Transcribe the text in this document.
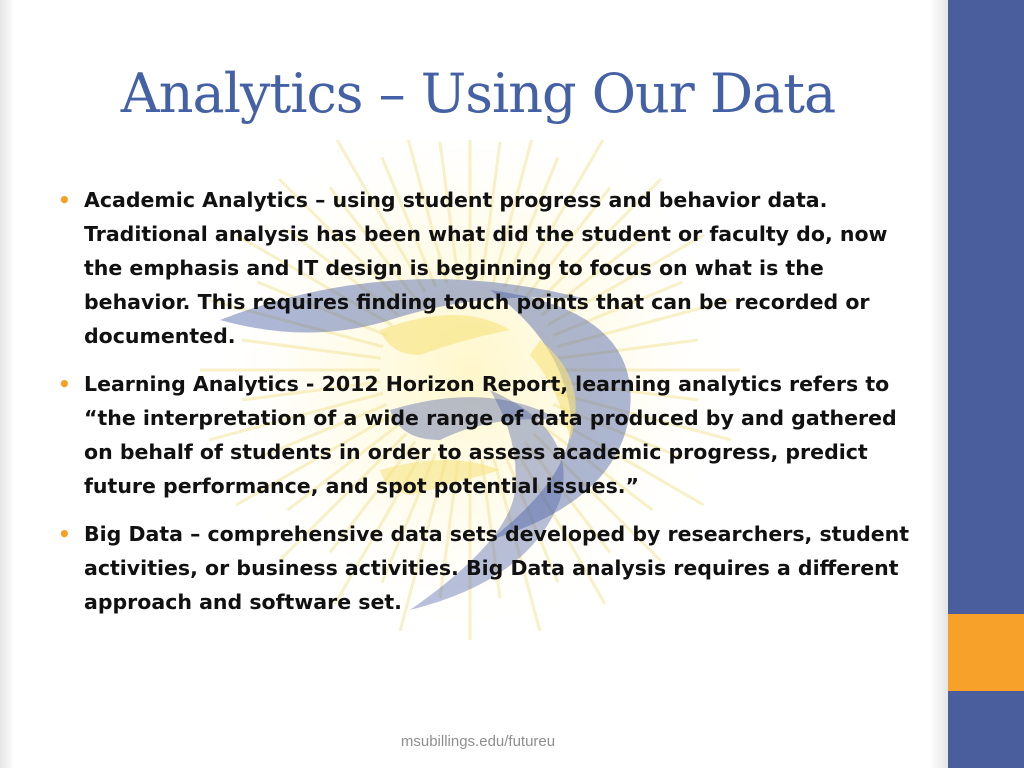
Analytics – Using Our Data
• Academic Analytics – using student progress and behavior data. Traditional analysis has been what did the student or faculty do, now the emphasis and IT design is beginning to focus on what is the behavior. This requires finding touch points that can be recorded or documented.
• Learning Analytics - 2012 Horizon Report, learning analytics refers to “the interpretation of a wide range of data produced by and gathered on behalf of students in order to assess academic progress, predict future performance, and spot potential issues.”
• Big Data – comprehensive data sets developed by researchers, student activities, or business activities. Big Data analysis requires a different approach and software set.
msubillings.edu/futureu
